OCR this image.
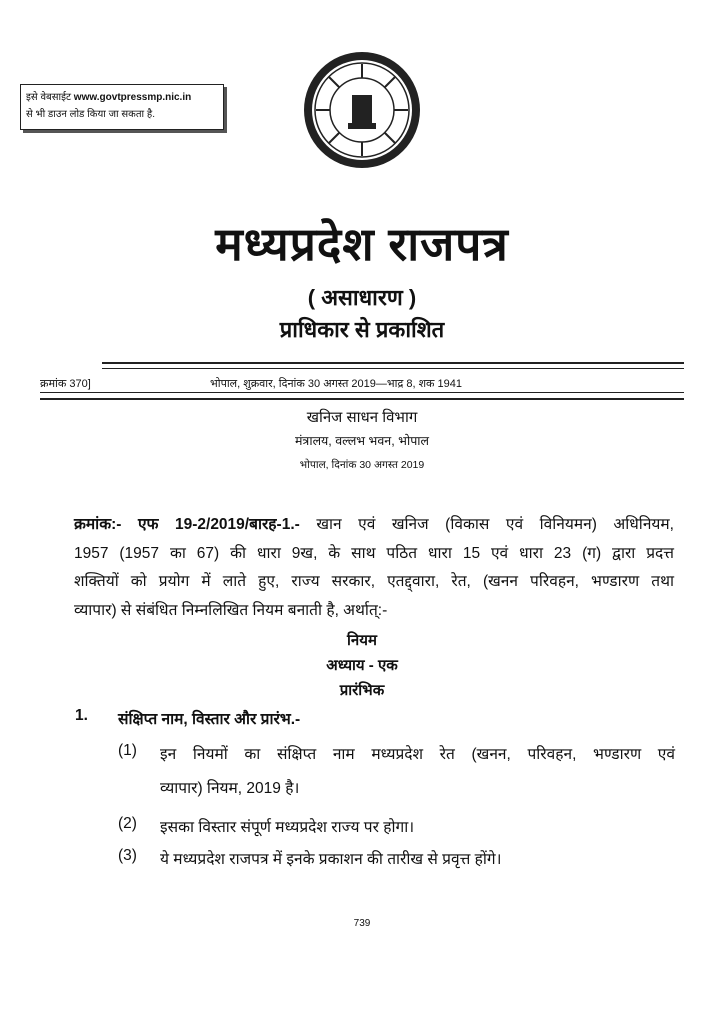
इसे वेबसाईट www.govtpressmp.nic.in
से भी डाउन लोड किया जा सकता है.
मध्यप्रदेश राजपत्र
( असाधारण )
प्राधिकार से प्रकाशित
क्रमांक 370]	भोपाल, शुक्रवार, दिनांक 30 अगस्त 2019—भाद्र 8, शक 1941
खनिज साधन विभाग
मंत्रालय, वल्लभ भवन, भोपाल
भोपाल, दिनांक 30 अगस्त 2019
क्रमांक:- एफ 19-2/2019/बारह-1.- खान एवं खनिज (विकास एवं विनियमन) अधिनियम,
1957 (1957 का 67) की धारा 9ख, के साथ पठित धारा 15 एवं धारा 23 (ग) द्वारा प्रदत्त
शक्तियों को प्रयोग में लाते हुए, राज्य सरकार, एतद्द्वारा, रेत, (खनन परिवहन, भण्डारण तथा
व्यापार) से संबंधित निम्नलिखित नियम बनाती है, अर्थात्:-
नियम
अध्याय - एक
प्रारंभिक
1. संक्षिप्त नाम, विस्तार और प्रारंभ.-
(1) इन नियमों का संक्षिप्त नाम मध्यप्रदेश रेत (खनन, परिवहन, भण्डारण एवं
व्यापार) नियम, 2019 है।
(2) इसका विस्तार संपूर्ण मध्यप्रदेश राज्य पर होगा।
(3) ये मध्यप्रदेश राजपत्र में इनके प्रकाशन की तारीख से प्रवृत्त होंगे।
739
